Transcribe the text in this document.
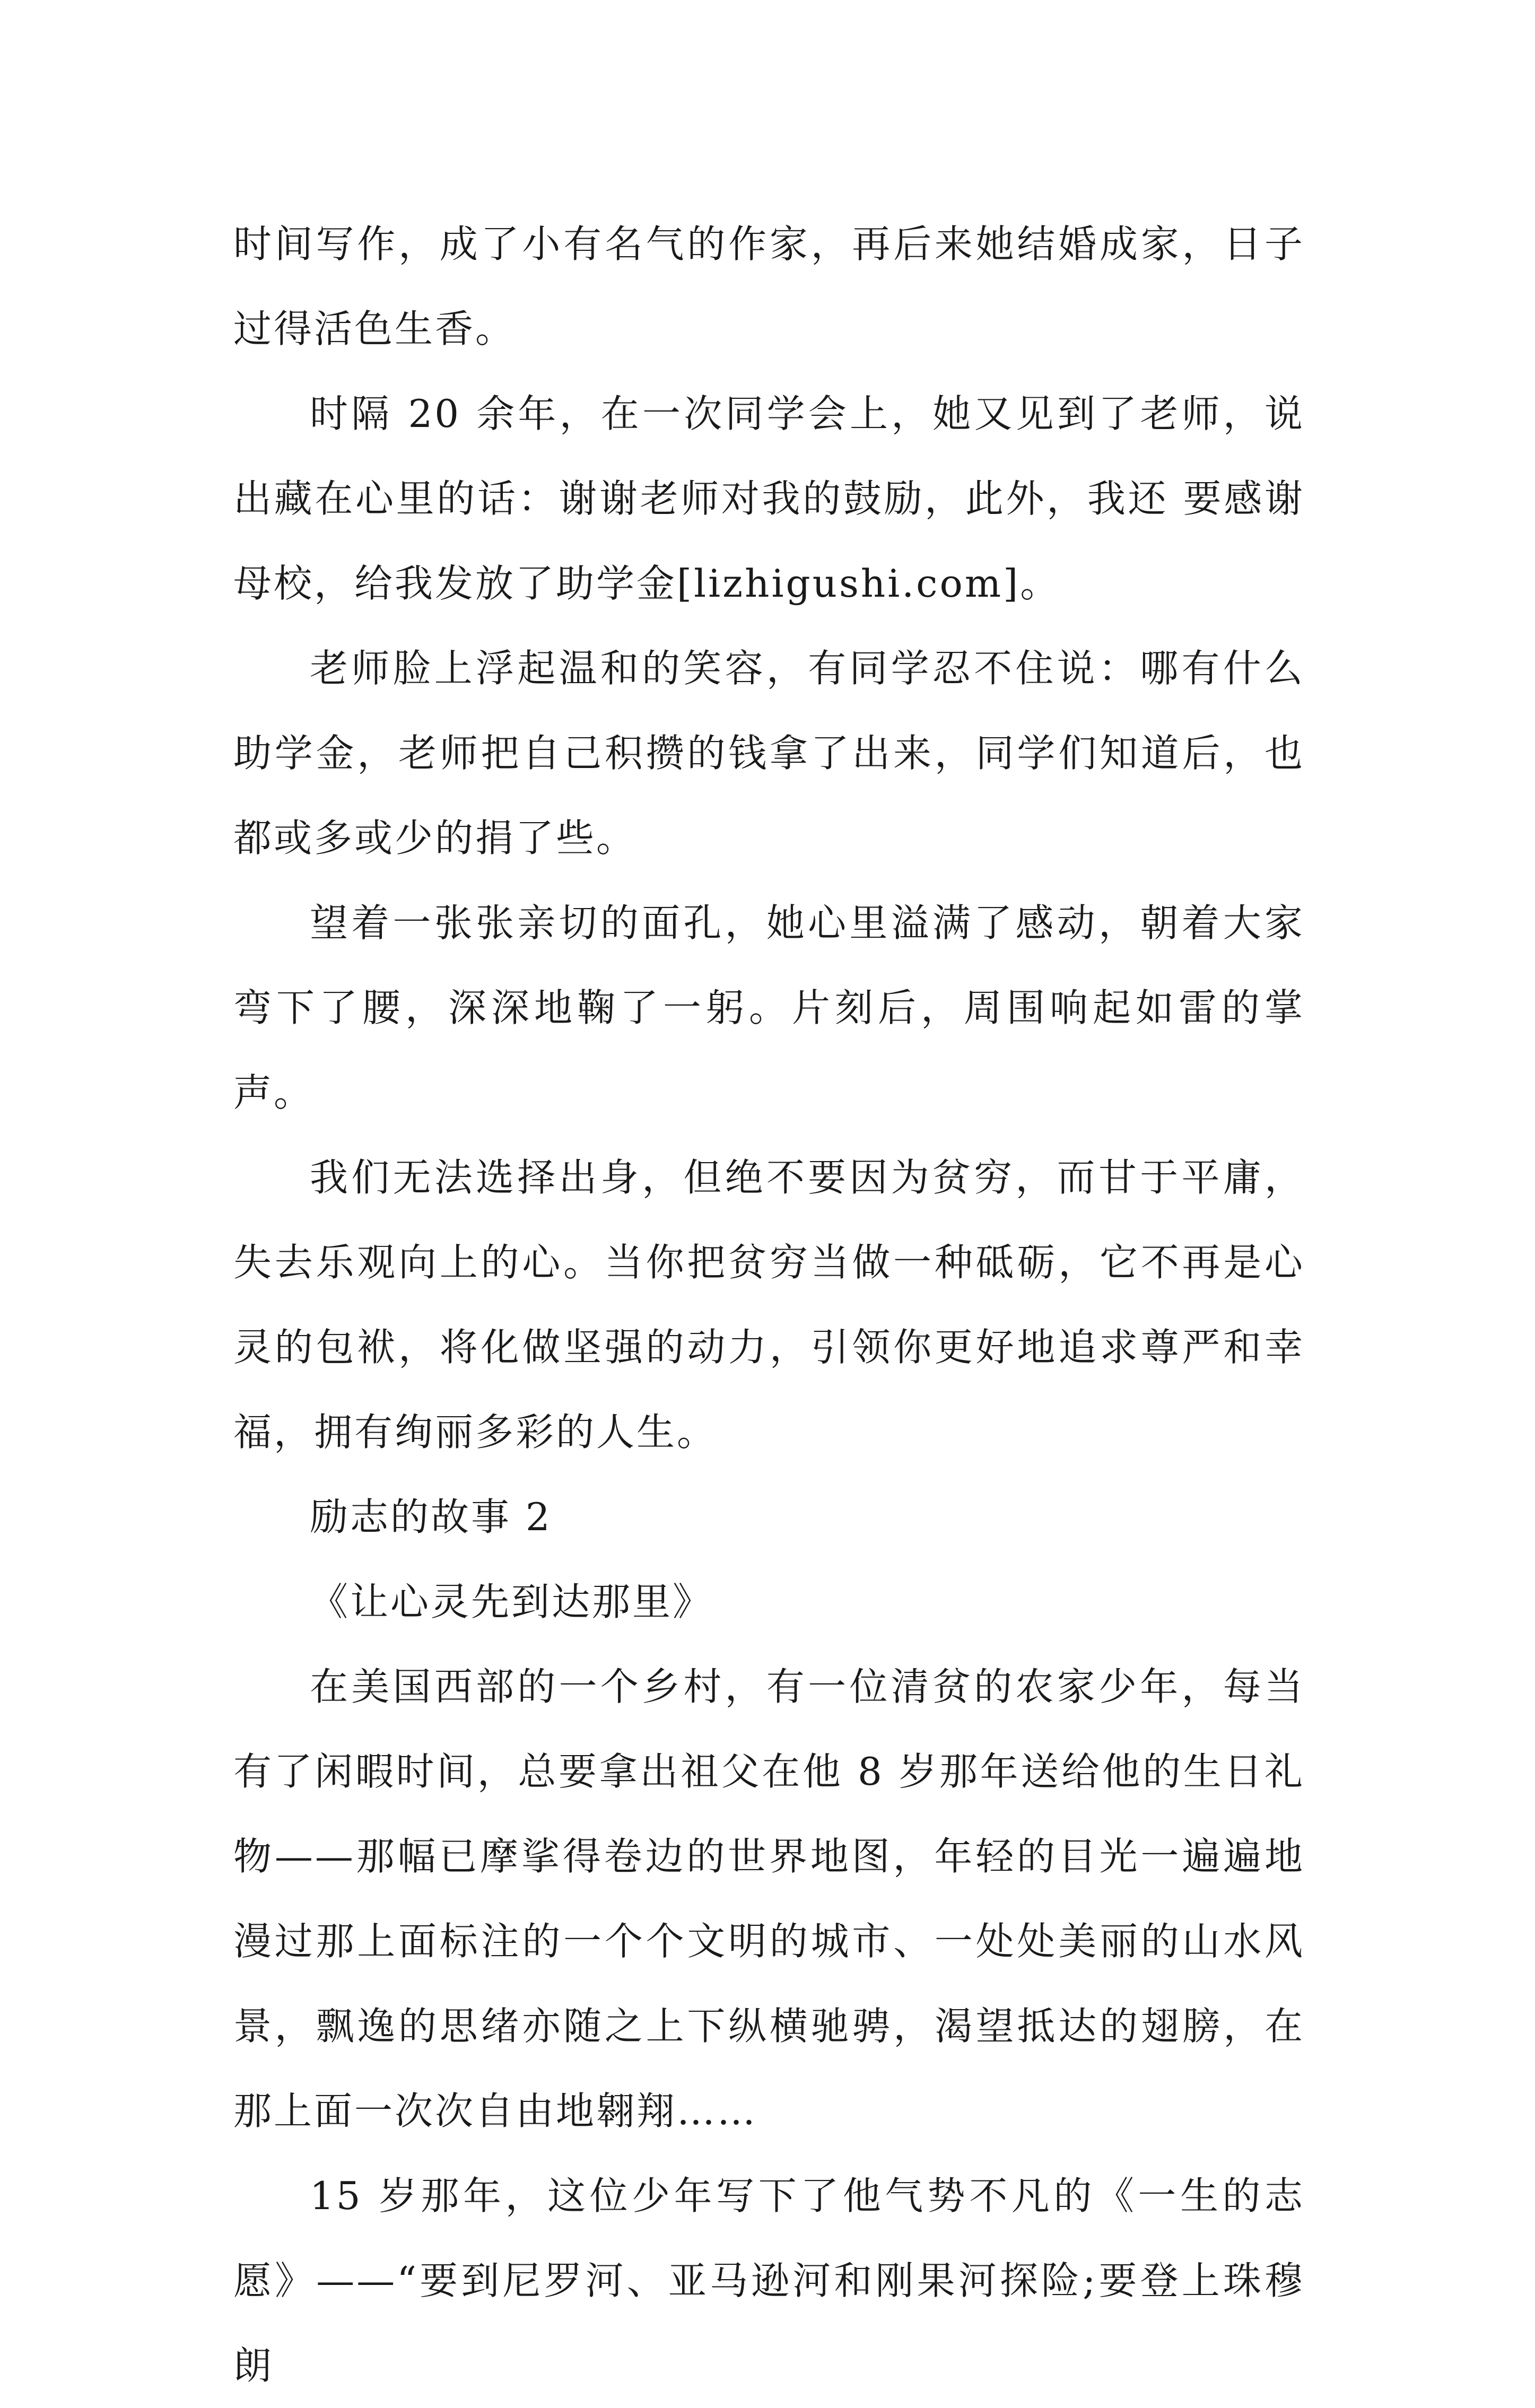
时间写作，成了小有名气的作家，再后来她结婚成家，日子过得活色生香。

时隔 20 余年，在一次同学会上，她又见到了老师，说出藏在心里的话：谢谢老师对我的鼓励，此外，我还 要感谢母校，给我发放了助学金[lizhigushi.com]。

老师脸上浮起温和的笑容，有同学忍不住说：哪有什么助学金，老师把自己积攒的钱拿了出来，同学们知道后，也都或多或少的捐了些。

望着一张张亲切的面孔，她心里溢满了感动，朝着大家弯下了腰，深深地鞠了一躬。片刻后，周围响起如雷的掌声。

我们无法选择出身，但绝不要因为贫穷，而甘于平庸，失去乐观向上的心。当你把贫穷当做一种砥砺，它不再是心灵的包袱，将化做坚强的动力，引领你更好地追求尊严和幸福，拥有绚丽多彩的人生。

励志的故事 2

《让心灵先到达那里》

在美国西部的一个乡村，有一位清贫的农家少年，每当有了闲暇时间，总要拿出祖父在他 8 岁那年送给他的生日礼物——那幅已摩挲得卷边的世界地图，年轻的目光一遍遍地漫过那上面标注的一个个文明的城市、一处处美丽的山水风景，飘逸的思绪亦随之上下纵横驰骋，渴望抵达的翅膀，在那上面一次次自由地翱翔……

15 岁那年，这位少年写下了他气势不凡的《一生的志愿》——“要到尼罗河、亚马逊河和刚果河探险;要登上珠穆朗
